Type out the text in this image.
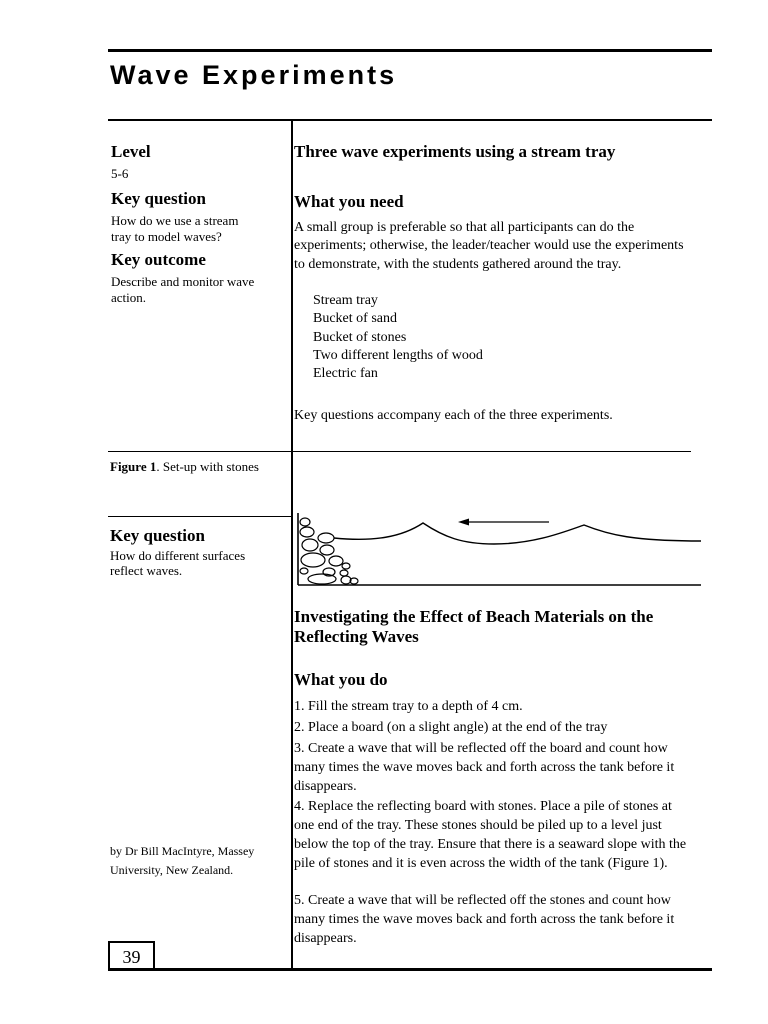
Wave Experiments
Level
5-6
Key question
How do we use a stream tray to model waves?
Key outcome
Describe and monitor wave action.
Figure 1. Set-up with stones
Key question
How do different surfaces reflect waves.
by Dr Bill MacIntyre, Massey
University, New Zealand.
39
Three wave experiments using a stream tray
What you need
A small group is preferable so that all participants can do the experiments; otherwise, the leader/teacher would use the experiments to demonstrate, with the students gathered around the tray.
Stream tray
Bucket of sand
Bucket of stones
Two different lengths of wood
Electric fan
Key questions accompany each of the three experiments.
Investigating the Effect of Beach Materials on the Reflecting Waves
What you do
1. Fill the stream tray to a depth of 4 cm.
2. Place a board (on a slight angle) at the end of the tray
3. Create a wave that will be reflected off the board and count how many times the wave moves back and forth across the tank before it disappears.
4. Replace the reflecting board with stones. Place a pile of stones at one end of the tray. These stones should be piled up to a level just below the top of the tray. Ensure that there is a seaward slope with the pile of stones and it is even across the width of the tank (Figure 1).
5. Create a wave that will be reflected off the stones and count how many times the wave moves back and forth across the tank before it disappears.
